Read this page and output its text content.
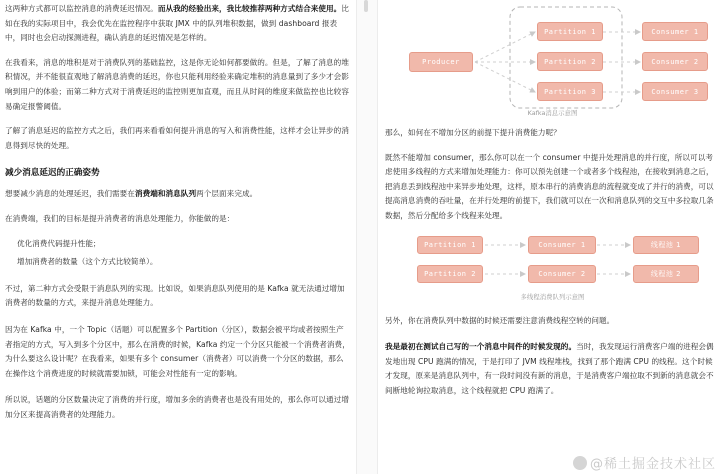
这两种方式都可以监控消息的消费延迟情况。而从我的经验出来，我比较推荐两种方式结合来使用。比如在我的实际项目中，我会优先在监控程序中获取 JMX 中的队列堆积数据，做到 dashboard 报表中，同时也会启动探测进程，确认消息的延迟情况是怎样的。
在我看来，消息的堆积是对于消费队列的基础监控，这是你无论如何都要做的。但是，了解了消息的堆积情况，并不能很直观地了解消息消费的延迟，你也只能利用经验来确定堆积的消息量到了多少才会影响到用户的体验；而第二种方式对于消费延迟的监控则更加直观，而且从时间的维度来做监控也比较容易确定报警阈值。
了解了消息延迟的监控方式之后，我们再来看看如何提升消息的写入和消费性能，这样才会让异步的消息得到尽快的处理。
减少消息延迟的正确姿势
想要减少消息的处理延迟，我们需要在消费端和消息队列两个层面来完成。
在消费端，我们的目标是提升消费者的消息处理能力，你能做的是：
优化消费代码提升性能；
增加消费者的数量（这个方式比较简单）。
不过，第二种方式会受限于消息队列的实现。比如说，如果消息队列使用的是 Kafka 就无法通过增加消费者的数量的方式，来提升消息处理能力。
因为在 Kafka 中，一个 Topic（话题）可以配置多个 Partition（分区），数据会被平均或者按照生产者指定的方式，写入到多个分区中，那么在消费的时候，Kafka 约定一个分区只能被一个消费者消费，为什么要这么设计呢？在我看来，如果有多个 consumer（消费者）可以消费一个分区的数据，那么在操作这个消费进度的时候就需要加锁，可能会对性能有一定的影响。
所以说，话题的分区数量决定了消费的并行度，增加多余的消费者也是没有用处的，那么你可以通过增加分区来提高消费者的处理能力。
Producer
Partition 1
Partition 2
Partition 3
Consumer 1
Consumer 2
Consumer 3
Kafka消息示意图
那么，如何在不增加分区的前提下提升消费能力呢？
既然不能增加 consumer，那么你可以在一个 consumer 中提升处理消息的并行度，所以可以考虑使用多线程的方式来增加处理能力：你可以预先创建一个或者多个线程池，在接收到消息之后，把消息丢到线程池中来异步地处理，这样，原本串行的消费消息的流程就变成了并行的消费，可以提高消息消费的吞吐量，在并行处理的前提下，我们就可以在一次和消息队列的交互中多拉取几条数据，然后分配给多个线程来处理。
Partition 1
Partition 2
Consumer 1
Consumer 2
线程池 1
线程池 2
多线程消费队列示意图
另外，你在消费队列中数据的时候还需要注意消费线程空转的问题。
我是最初在测试自己写的一个消息中间件的时候发现的。当时，我发现运行消费客户端的进程会偶发地出现 CPU 跑满的情况，于是打印了 JVM 线程堆栈，找到了那个跑满 CPU 的线程。这个时候才发现，原来是消息队列中，有一段时间没有新的消息，于是消费客户端拉取不到新的消息就会不间断地轮询拉取消息，这个线程就把 CPU 跑满了。
@稀土掘金技术社区
